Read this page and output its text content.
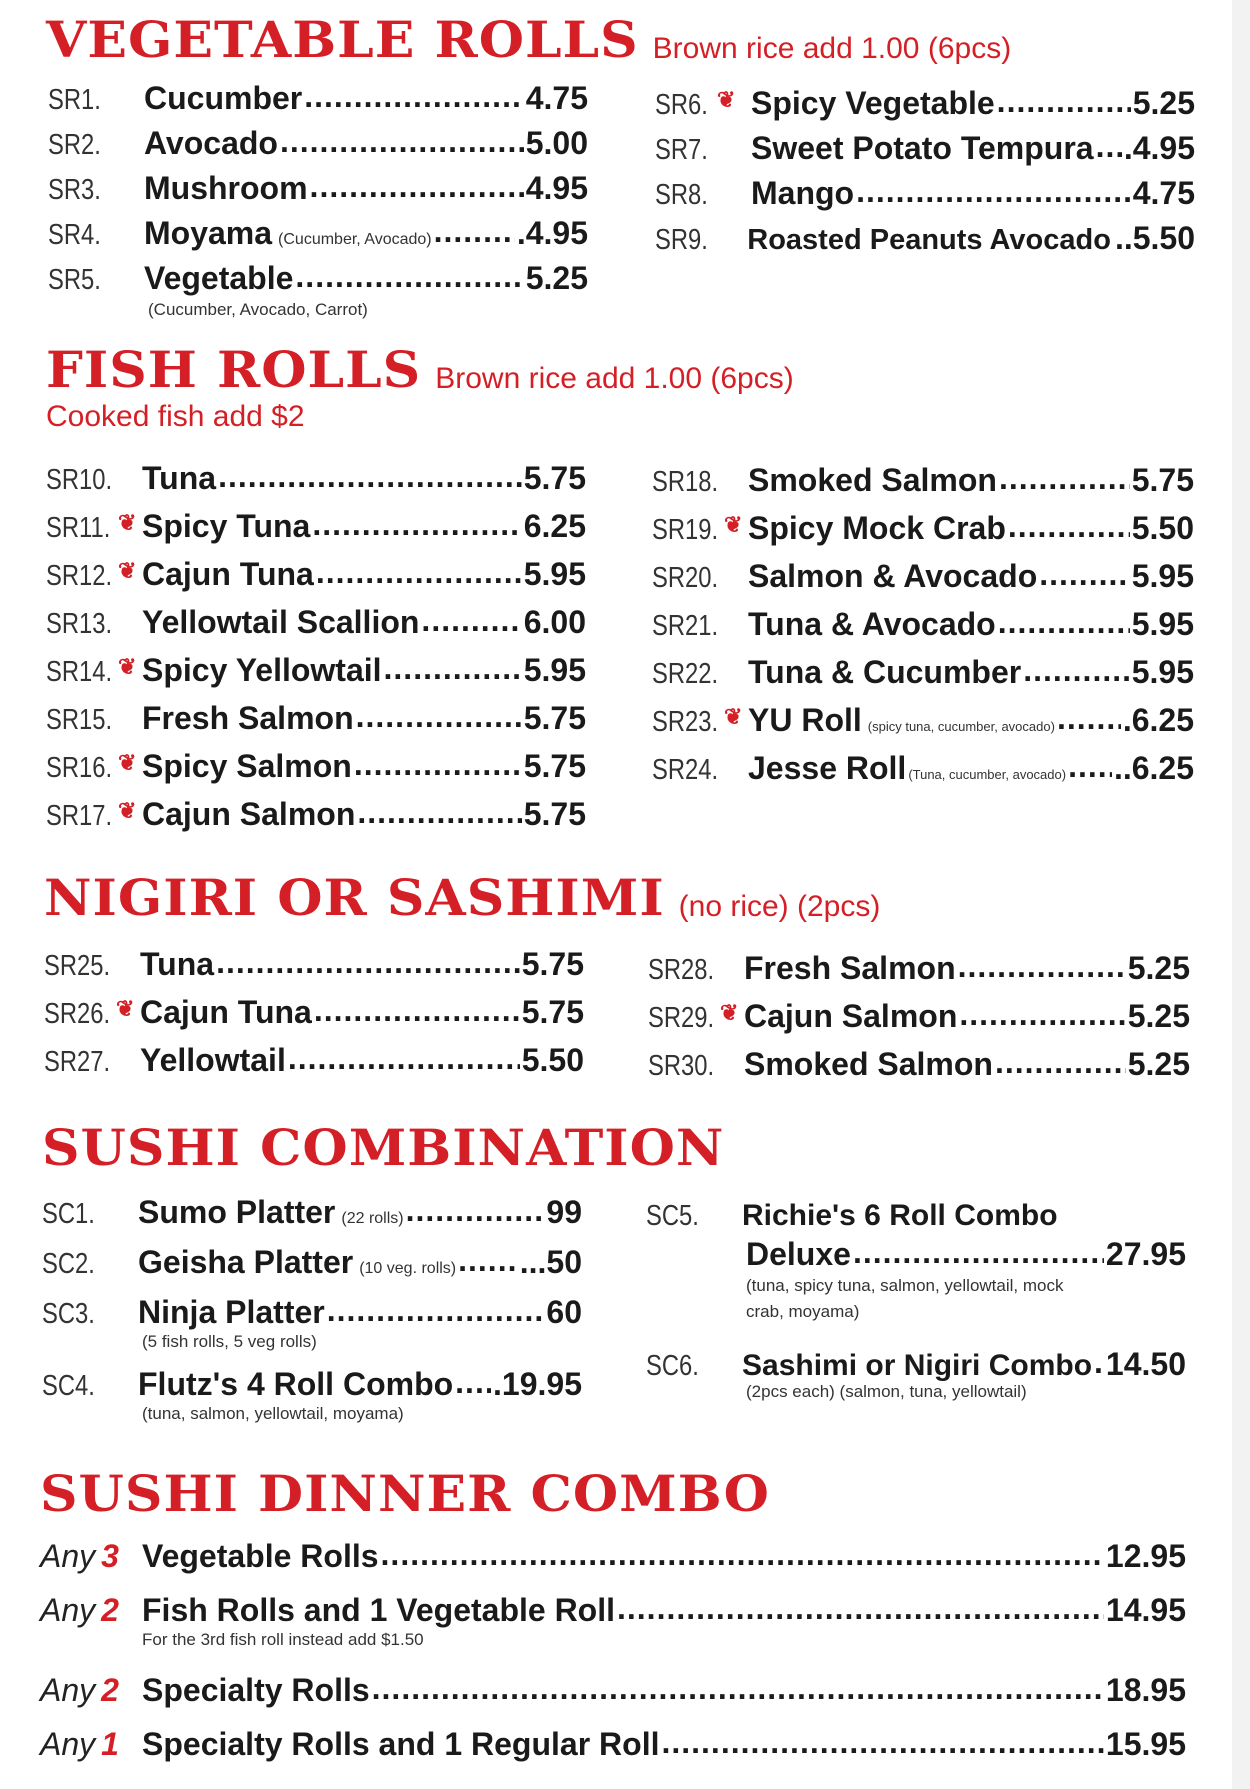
VEGETABLE ROLLS Brown rice add 1.00 (6pcs)
SR1.	Cucumber .....	4.75
SR2.	Avocado .....	5.00
SR3.	Mushroom .....	4.95
SR4.	Moyama (Cucumber, Avocado) .....	.4.95
SR5.	Vegetable .....	5.25
(Cucumber, Avocado, Carrot)
SR6. ❦ Spicy Vegetable .....	5.25
SR7.	Sweet Potato Tempura ..... .4.95
SR8.	Mango .....	4.75
SR9.	Roasted Peanuts Avocado ..5.50
FISH ROLLS Brown rice add 1.00 (6pcs)
Cooked fish add $2
SR10. Tuna .....	5.75
SR11. ❦ Spicy Tuna .....	6.25
SR12. ❦ Cajun Tuna .....	5.95
SR13. Yellowtail Scallion .....	6.00
SR14. ❦ Spicy Yellowtail .....	5.95
SR15. Fresh Salmon .....	5.75
SR16. ❦ Spicy Salmon .....	5.75
SR17. ❦ Cajun Salmon .....	5.75
SR18. Smoked Salmon .....	5.75
SR19. ❦ Spicy Mock Crab .....	5.50
SR20. Salmon & Avocado .....	5.95
SR21. Tuna & Avocado .....	5.95
SR22. Tuna & Cucumber .....	5.95
SR23. ❦ YU Roll (spicy tuna, cucumber, avocado) ..... .6.25
SR24. Jesse Roll (Tuna, cucumber, avocado) ..... ..6.25
NIGIRI OR SASHIMI (no rice) (2pcs)
SR25. Tuna .....	5.75
SR26. ❦ Cajun Tuna .....	5.75
SR27. Yellowtail .....	5.50
SR28. Fresh Salmon .....	5.25
SR29. ❦ Cajun Salmon .....	5.25
SR30. Smoked Salmon .....	5.25
SUSHI COMBINATION
SC1.	Sumo Platter (22 rolls) .....	99
SC2.	Geisha Platter (10 veg. rolls) ..... ...50
SC3.	Ninja Platter .....	60
(5 fish rolls, 5 veg rolls)
SC4.	Flutz's 4 Roll Combo ..... .19.95
(tuna, salmon, yellowtail, moyama)
SC5.	Richie's 6 Roll Combo
Deluxe .....	27.95
(tuna, spicy tuna, salmon, yellowtail, mock
crab, moyama)
SC6.	Sashimi or Nigiri Combo ..... 14.50
(2pcs each) (salmon, tuna, yellowtail)
SUSHI DINNER COMBO
Any 3 Vegetable Rolls .....	12.95
Any 2 Fish Rolls and 1 Vegetable Roll .....	14.95
For the 3rd fish roll instead add $1.50
Any 2 Specialty Rolls .....	18.95
Any 1 Specialty Rolls and 1 Regular Roll .....	15.95
